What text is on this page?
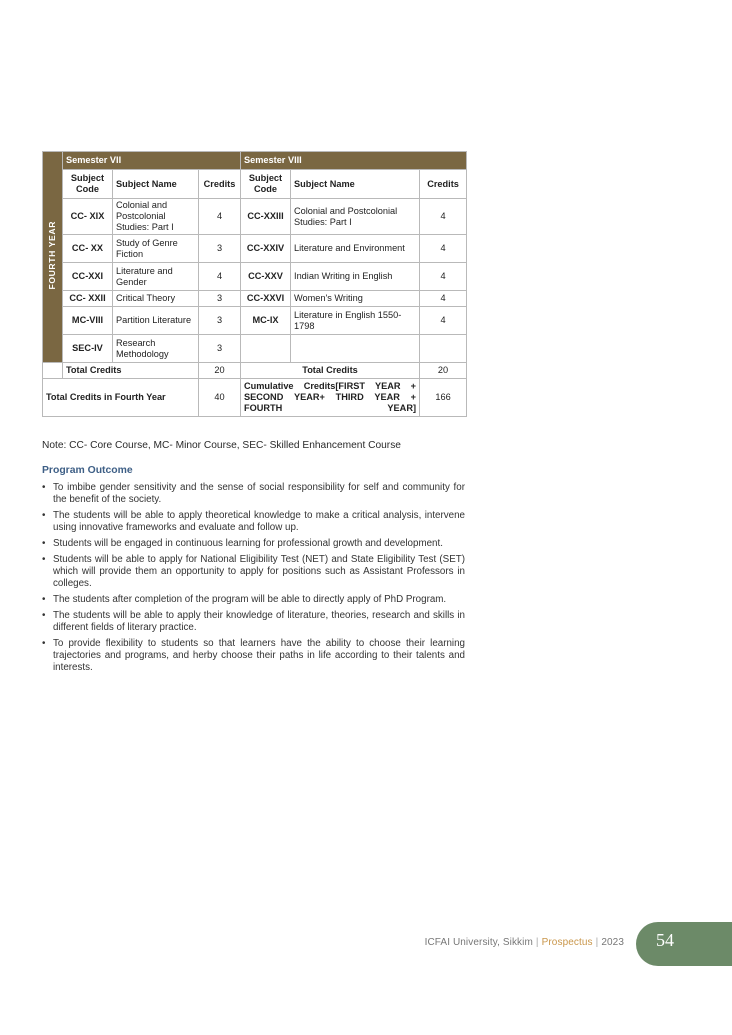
FOURTH YEAR	Semester VII			Semester VIII		
	Subject Code	Subject Name	Credits	Subject Code	Subject Name	Credits
	CC- XIX	Colonial and Postcolonial Studies: Part I	4	CC-XXIII	Colonial and Postcolonial Studies: Part I	4
	CC- XX	Study of Genre Fiction	3	CC-XXIV	Literature and Environment	4
	CC-XXI	Literature and Gender	4	CC-XXV	Indian Writing in English	4
	CC- XXII	Critical Theory	3	CC-XXVI	Women's Writing	4
	MC-VIII	Partition Literature	3	MC-IX	Literature in English 1550-1798	4
	SEC-IV	Research Methodology	3			
	Total Credits		20	Total Credits		20
Total Credits in Fourth Year			40	Cumulative Credits[FIRST YEAR + SECOND YEAR+ THIRD YEAR + FOURTH YEAR]		166
Note: CC- Core Course, MC- Minor Course, SEC- Skilled Enhancement Course
Program Outcome
• To imbibe gender sensitivity and the sense of social responsibility for self and community for the benefit of the society.
• The students will be able to apply theoretical knowledge to make a critical analysis, intervene using innovative frameworks and evaluate and follow up.
• Students will be engaged in continuous learning for professional growth and development.
• Students will be able to apply for National Eligibility Test (NET) and State Eligibility Test (SET) which will provide them an opportunity to apply for positions such as Assistant Professors in colleges.
• The students after completion of the program will be able to directly apply of PhD Program.
• The students will be able to apply their knowledge of literature, theories, research and skills in different fields of literary practice.
• To provide flexibility to students so that learners have the ability to choose their learning trajectories and programs, and herby choose their paths in life according to their talents and interests.
ICFAI University, Sikkim | Prospectus | 2023 54
